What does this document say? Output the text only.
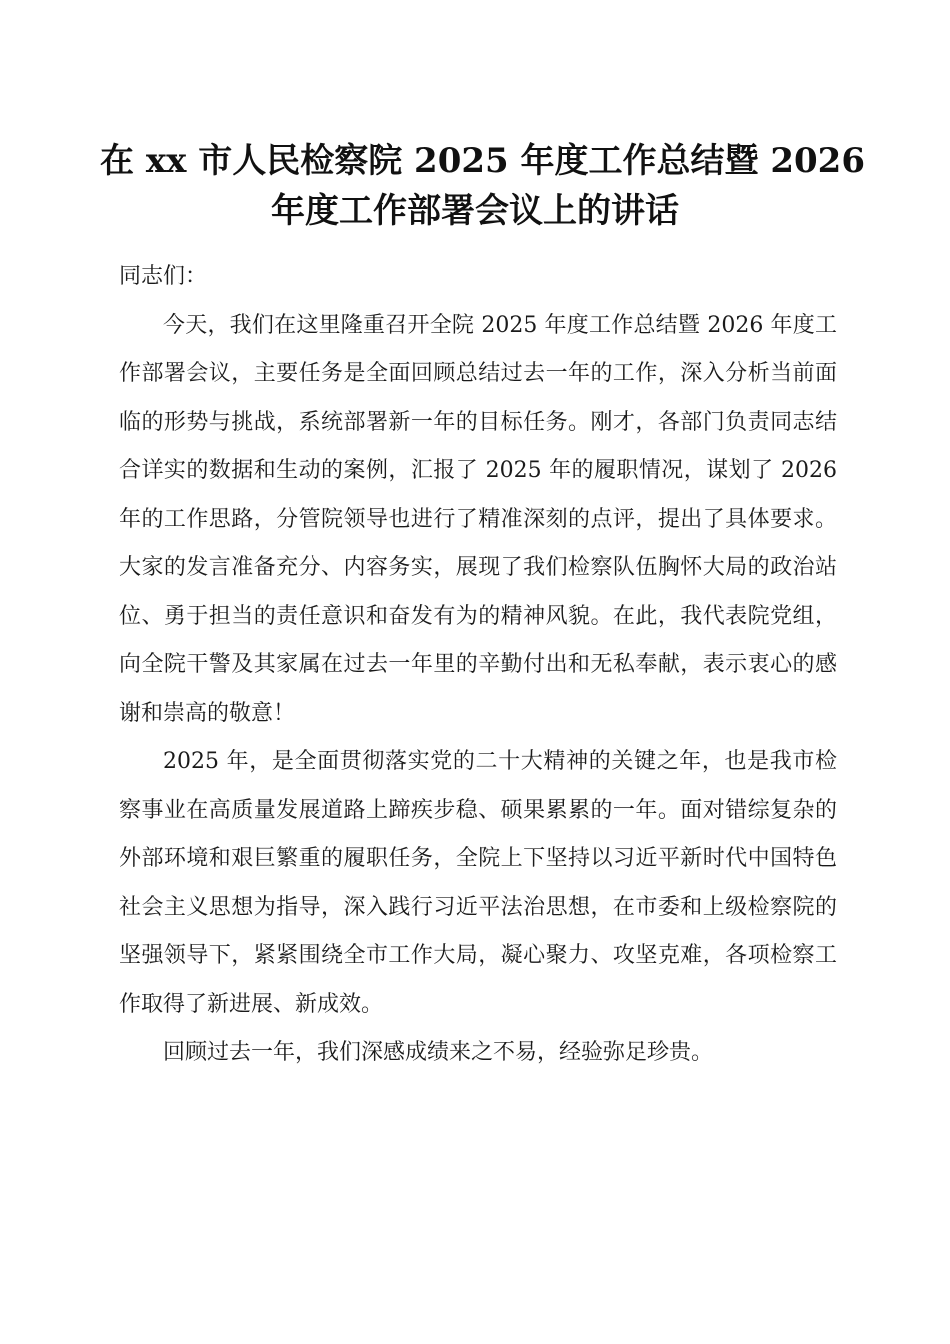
在 xx 市人民检察院 2025 年度工作总结暨 2026
年度工作部署会议上的讲话

同志们：

今天，我们在这里隆重召开全院 2025 年度工作总结暨 2026 年度工作部署会议，主要任务是全面回顾总结过去一年的工作，深入分析当前面临的形势与挑战，系统部署新一年的目标任务。刚才，各部门负责同志结合详实的数据和生动的案例，汇报了 2025 年的履职情况，谋划了 2026 年的工作思路，分管院领导也进行了精准深刻的点评，提出了具体要求。大家的发言准备充分、内容务实，展现了我们检察队伍胸怀大局的政治站位、勇于担当的责任意识和奋发有为的精神风貌。在此，我代表院党组，向全院干警及其家属在过去一年里的辛勤付出和无私奉献，表示衷心的感谢和崇高的敬意！

2025 年，是全面贯彻落实党的二十大精神的关键之年，也是我市检察事业在高质量发展道路上蹄疾步稳、硕果累累的一年。面对错综复杂的外部环境和艰巨繁重的履职任务，全院上下坚持以习近平新时代中国特色社会主义思想为指导，深入践行习近平法治思想，在市委和上级检察院的坚强领导下，紧紧围绕全市工作大局，凝心聚力、攻坚克难，各项检察工作取得了新进展、新成效。

回顾过去一年，我们深感成绩来之不易，经验弥足珍贵。
